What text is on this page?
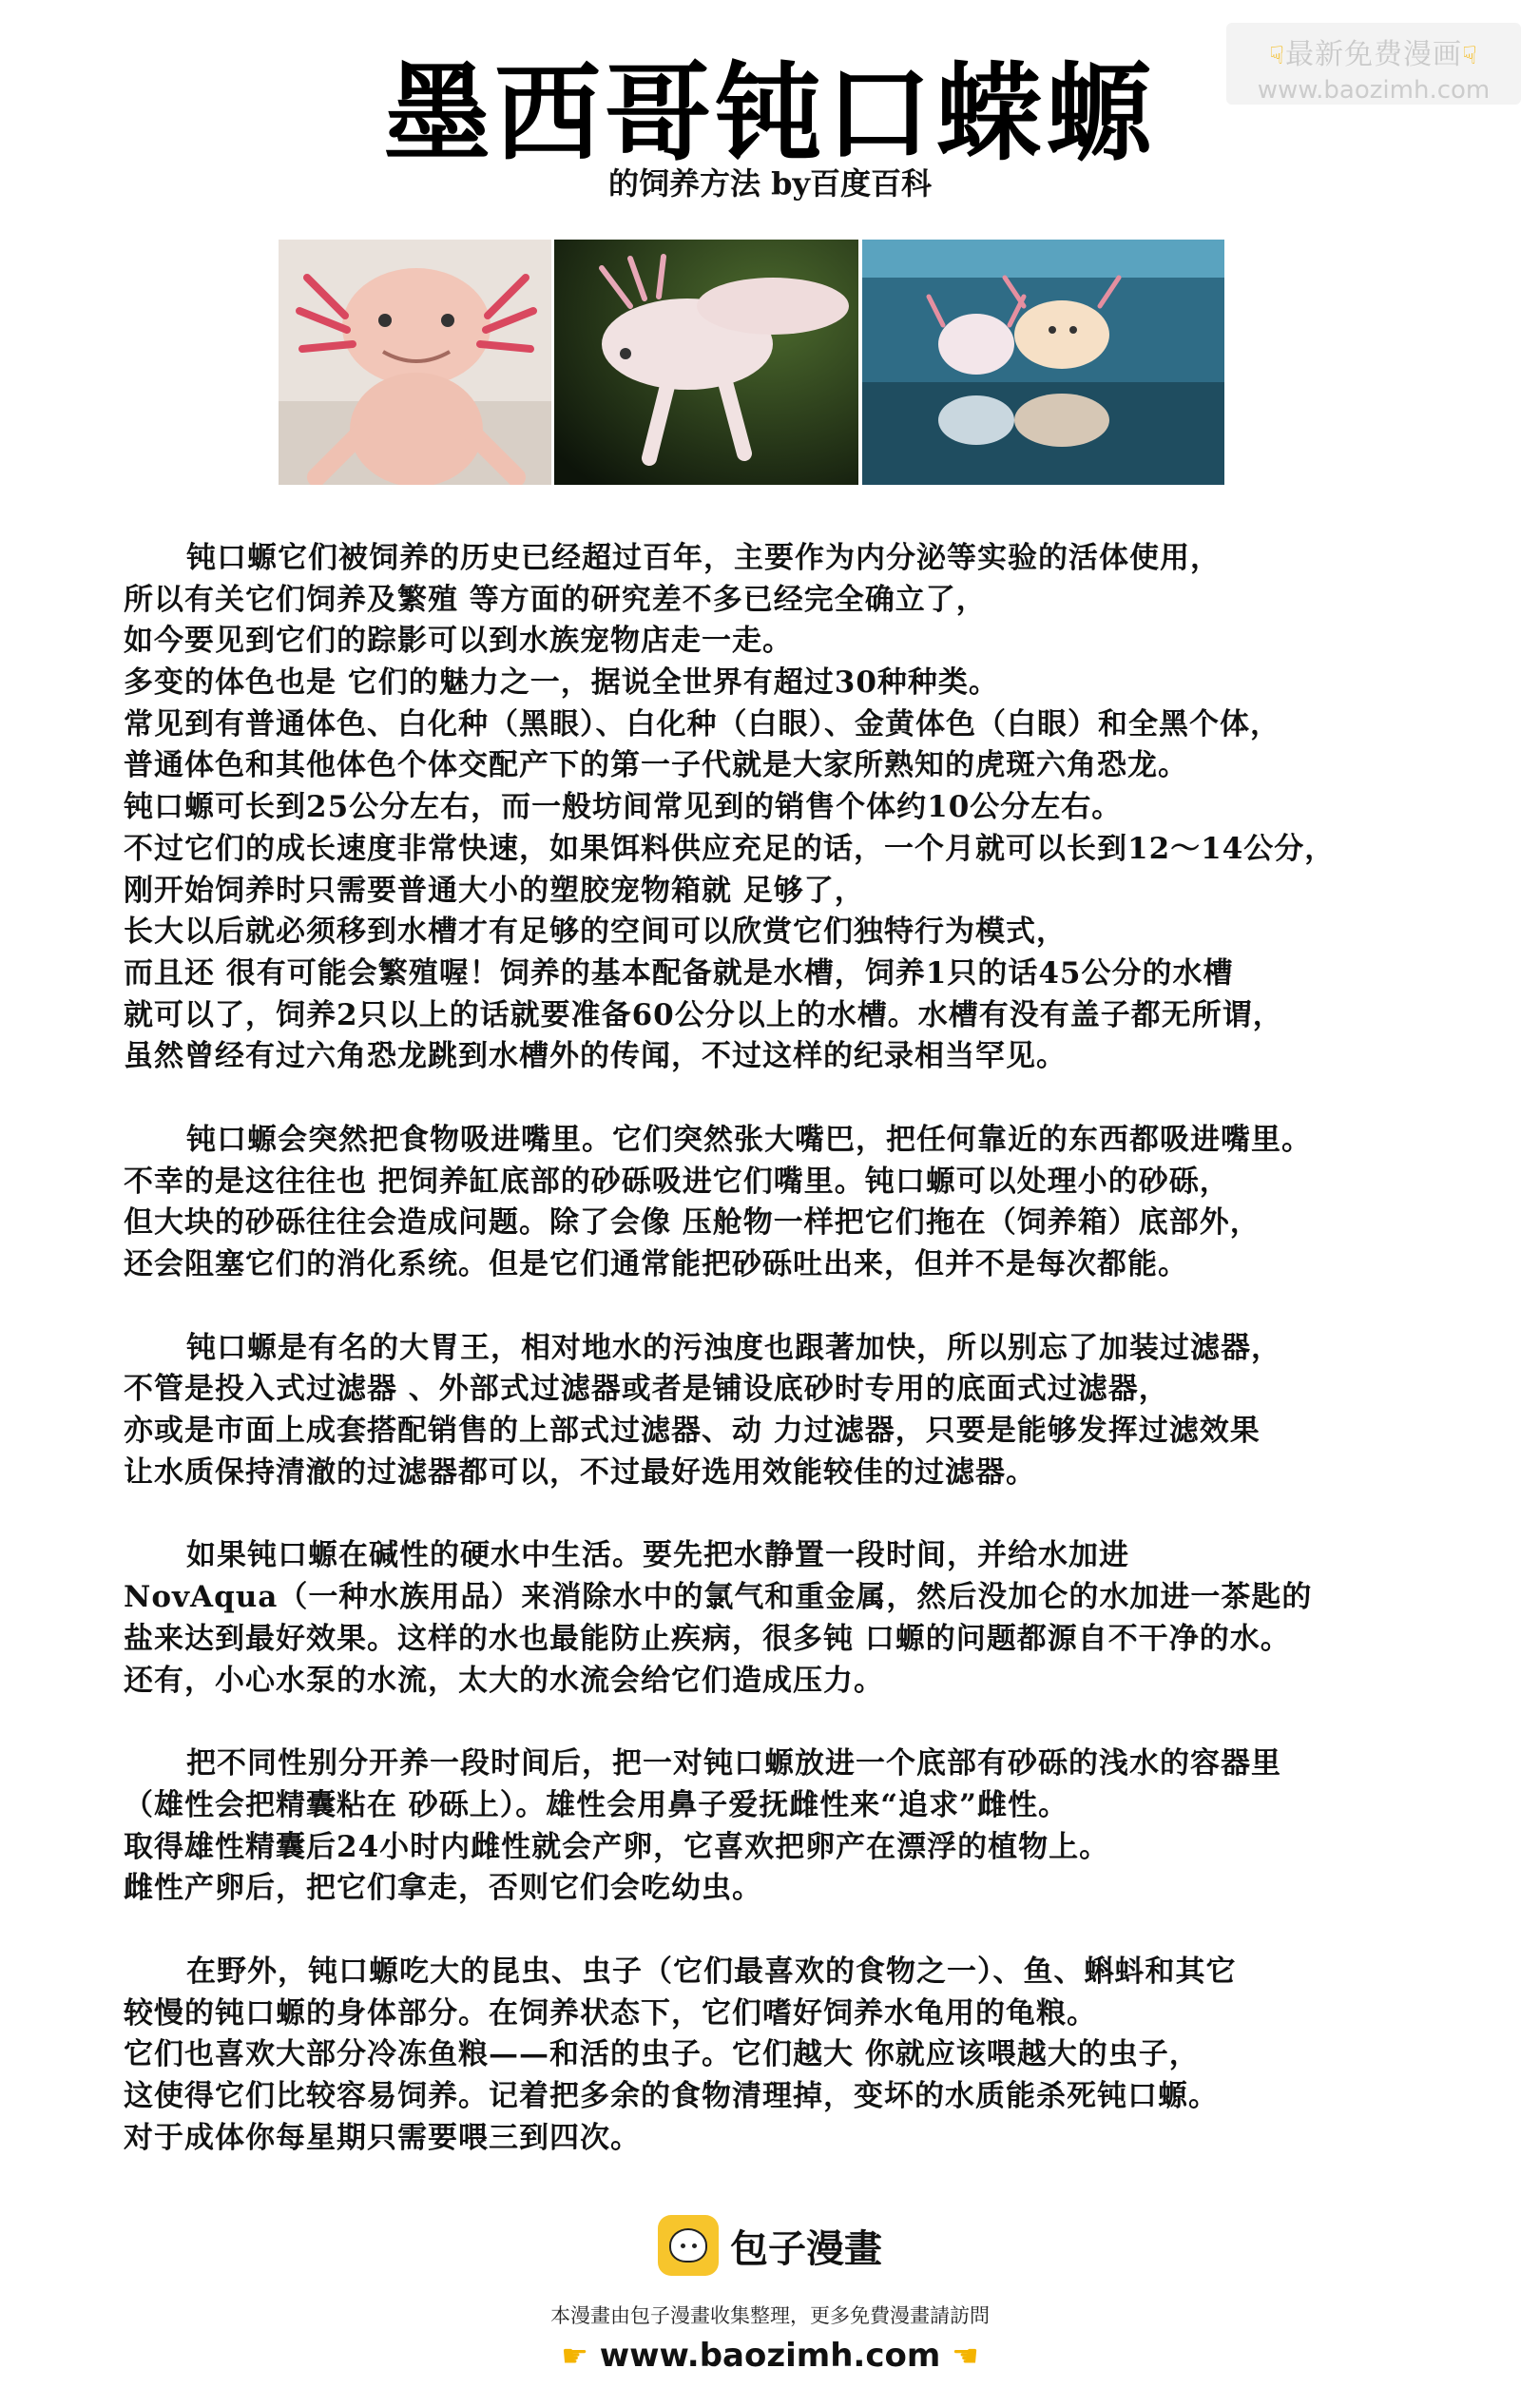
☟最新免费漫画☟
www.baozimh.com
墨西哥钝口蝾螈
的饲养方法 by百度百科
钝口螈它们被饲养的历史已经超过百年，主要作为内分泌等实验的活体使用，
所以有关它们饲养及繁殖 等方面的研究差不多已经完全确立了，
如今要见到它们的踪影可以到水族宠物店走一走。
多变的体色也是 它们的魅力之一，据说全世界有超过30种种类。
常见到有普通体色、白化种（黑眼）、白化种（白眼）、金黄体色（白眼）和全黑个体，
普通体色和其他体色个体交配产下的第一子代就是大家所熟知的虎斑六角恐龙。
钝口螈可长到25公分左右，而一般坊间常见到的销售个体约10公分左右。
不过它们的成长速度非常快速，如果饵料供应充足的话，一个月就可以长到12～14公分，
刚开始饲养时只需要普通大小的塑胶宠物箱就 足够了，
长大以后就必须移到水槽才有足够的空间可以欣赏它们独特行为模式，
而且还 很有可能会繁殖喔！饲养的基本配备就是水槽，饲养1只的话45公分的水槽
就可以了，饲养2只以上的话就要准备60公分以上的水槽。水槽有没有盖子都无所谓，
虽然曾经有过六角恐龙跳到水槽外的传闻，不过这样的纪录相当罕见。
钝口螈会突然把食物吸进嘴里。它们突然张大嘴巴，把任何靠近的东西都吸进嘴里。
不幸的是这往往也 把饲养缸底部的砂砾吸进它们嘴里。钝口螈可以处理小的砂砾，
但大块的砂砾往往会造成问题。除了会像 压舱物一样把它们拖在（饲养箱）底部外，
还会阻塞它们的消化系统。但是它们通常能把砂砾吐出来，但并不是每次都能。
钝口螈是有名的大胃王，相对地水的污浊度也跟著加快，所以别忘了加装过滤器，
不管是投入式过滤器 、外部式过滤器或者是铺设底砂时专用的底面式过滤器，
亦或是市面上成套搭配销售的上部式过滤器、动 力过滤器，只要是能够发挥过滤效果
让水质保持清澈的过滤器都可以，不过最好选用效能较佳的过滤器。
如果钝口螈在碱性的硬水中生活。要先把水静置一段时间，并给水加进
NovAqua（一种水族用品）来消除水中的氯气和重金属，然后没加仑的水加进一茶匙的
盐来达到最好效果。这样的水也最能防止疾病，很多钝 口螈的问题都源自不干净的水。
还有，小心水泵的水流，太大的水流会给它们造成压力。
把不同性别分开养一段时间后，把一对钝口螈放进一个底部有砂砾的浅水的容器里
（雄性会把精囊粘在 砂砾上）。雄性会用鼻子爱抚雌性来“追求”雌性。
取得雄性精囊后24小时内雌性就会产卵，它喜欢把卵产在漂浮的植物上。
雌性产卵后，把它们拿走，否则它们会吃幼虫。
在野外，钝口螈吃大的昆虫、虫子（它们最喜欢的食物之一）、鱼、蝌蚪和其它
较慢的钝口螈的身体部分。在饲养状态下，它们嗜好饲养水龟用的龟粮。
它们也喜欢大部分冷冻鱼粮——和活的虫子。它们越大 你就应该喂越大的虫子，
这使得它们比较容易饲养。记着把多余的食物清理掉，变坏的水质能杀死钝口螈。
对于成体你每星期只需要喂三到四次。
包子漫畫
本漫畫由包子漫畫收集整理，更多免費漫畫請訪問
☛ www.baozimh.com ☚
